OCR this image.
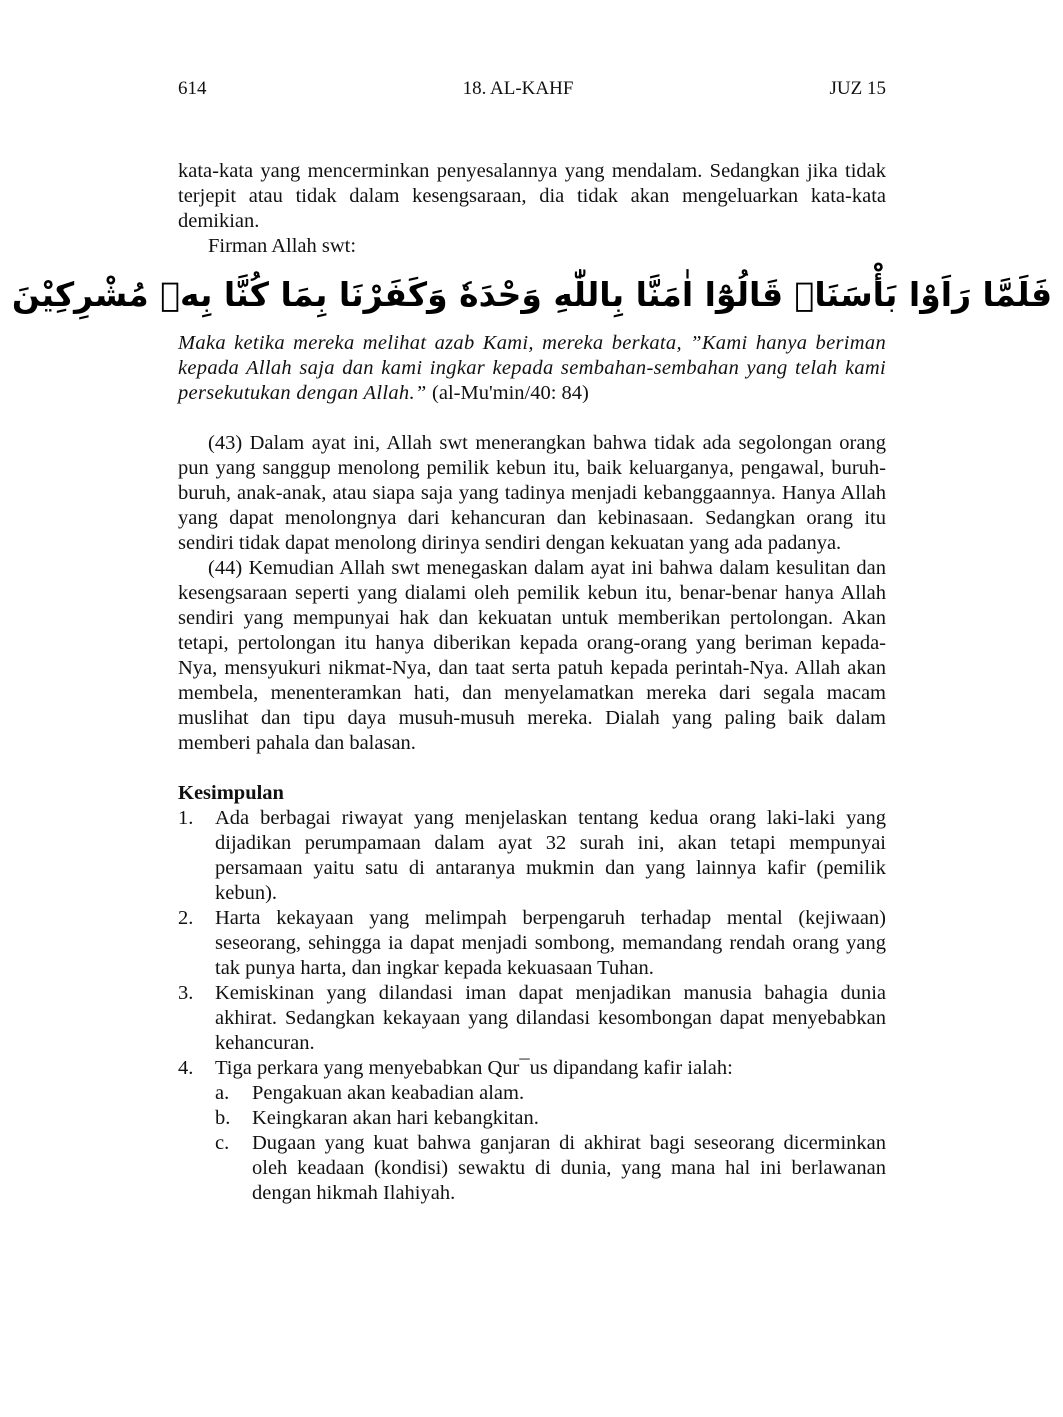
614	18. AL-KAHF	JUZ 15

kata-kata yang mencerminkan penyesalannya yang mendalam. Sedangkan jika tidak terjepit atau tidak dalam kesengsaraan, dia tidak akan mengeluarkan kata-kata demikian.

Firman Allah swt:

فَلَمَّا رَاَوْا بَأْسَنَاۗ قَالُوْٓا اٰمَنَّا بِاللّٰهِ وَحْدَهٗ وَكَفَرْنَا بِمَا كُنَّا بِهٖ مُشْرِكِيْنَ

Maka ketika mereka melihat azab Kami, mereka berkata, ”Kami hanya beriman kepada Allah saja dan kami ingkar kepada sembahan-sembahan yang telah kami persekutukan dengan Allah.” (al-Mu'min/40: 84)

(43) Dalam ayat ini, Allah swt menerangkan bahwa tidak ada segolongan orang pun yang sanggup menolong pemilik kebun itu, baik keluarganya, pengawal, buruh-buruh, anak-anak, atau siapa saja yang tadinya menjadi kebanggaannya. Hanya Allah yang dapat menolongnya dari kehancuran dan kebinasaan. Sedangkan orang itu sendiri tidak dapat menolong dirinya sendiri dengan kekuatan yang ada padanya.

(44) Kemudian Allah swt menegaskan dalam ayat ini bahwa dalam kesulitan dan kesengsaraan seperti yang dialami oleh pemilik kebun itu, benar-benar hanya Allah sendiri yang mempunyai hak dan kekuatan untuk memberikan pertolongan. Akan tetapi, pertolongan itu hanya diberikan kepada orang-orang yang beriman kepada-Nya, mensyukuri nikmat-Nya, dan taat serta patuh kepada perintah-Nya. Allah akan membela, menenteramkan hati, dan menyelamatkan mereka dari segala macam muslihat dan tipu daya musuh-musuh mereka. Dialah yang paling baik dalam memberi pahala dan balasan.

Kesimpulan

1. Ada berbagai riwayat yang menjelaskan tentang kedua orang laki-laki yang dijadikan perumpamaan dalam ayat 32 surah ini, akan tetapi mempunyai persamaan yaitu satu di antaranya mukmin dan yang lainnya kafir (pemilik kebun).
2. Harta kekayaan yang melimpah berpengaruh terhadap mental (kejiwaan) seseorang, sehingga ia dapat menjadi sombong, memandang rendah orang yang tak punya harta, dan ingkar kepada kekuasaan Tuhan.
3. Kemiskinan yang dilandasi iman dapat menjadikan manusia bahagia dunia akhirat. Sedangkan kekayaan yang dilandasi kesombongan dapat menyebabkan kehancuran.
4. Tiga perkara yang menyebabkan Qur¯us dipandang kafir ialah:
a. Pengakuan akan keabadian alam.
b. Keingkaran akan hari kebangkitan.
c. Dugaan yang kuat bahwa ganjaran di akhirat bagi seseorang dicerminkan oleh keadaan (kondisi) sewaktu di dunia, yang mana hal ini berlawanan dengan hikmah Ilahiyah.
